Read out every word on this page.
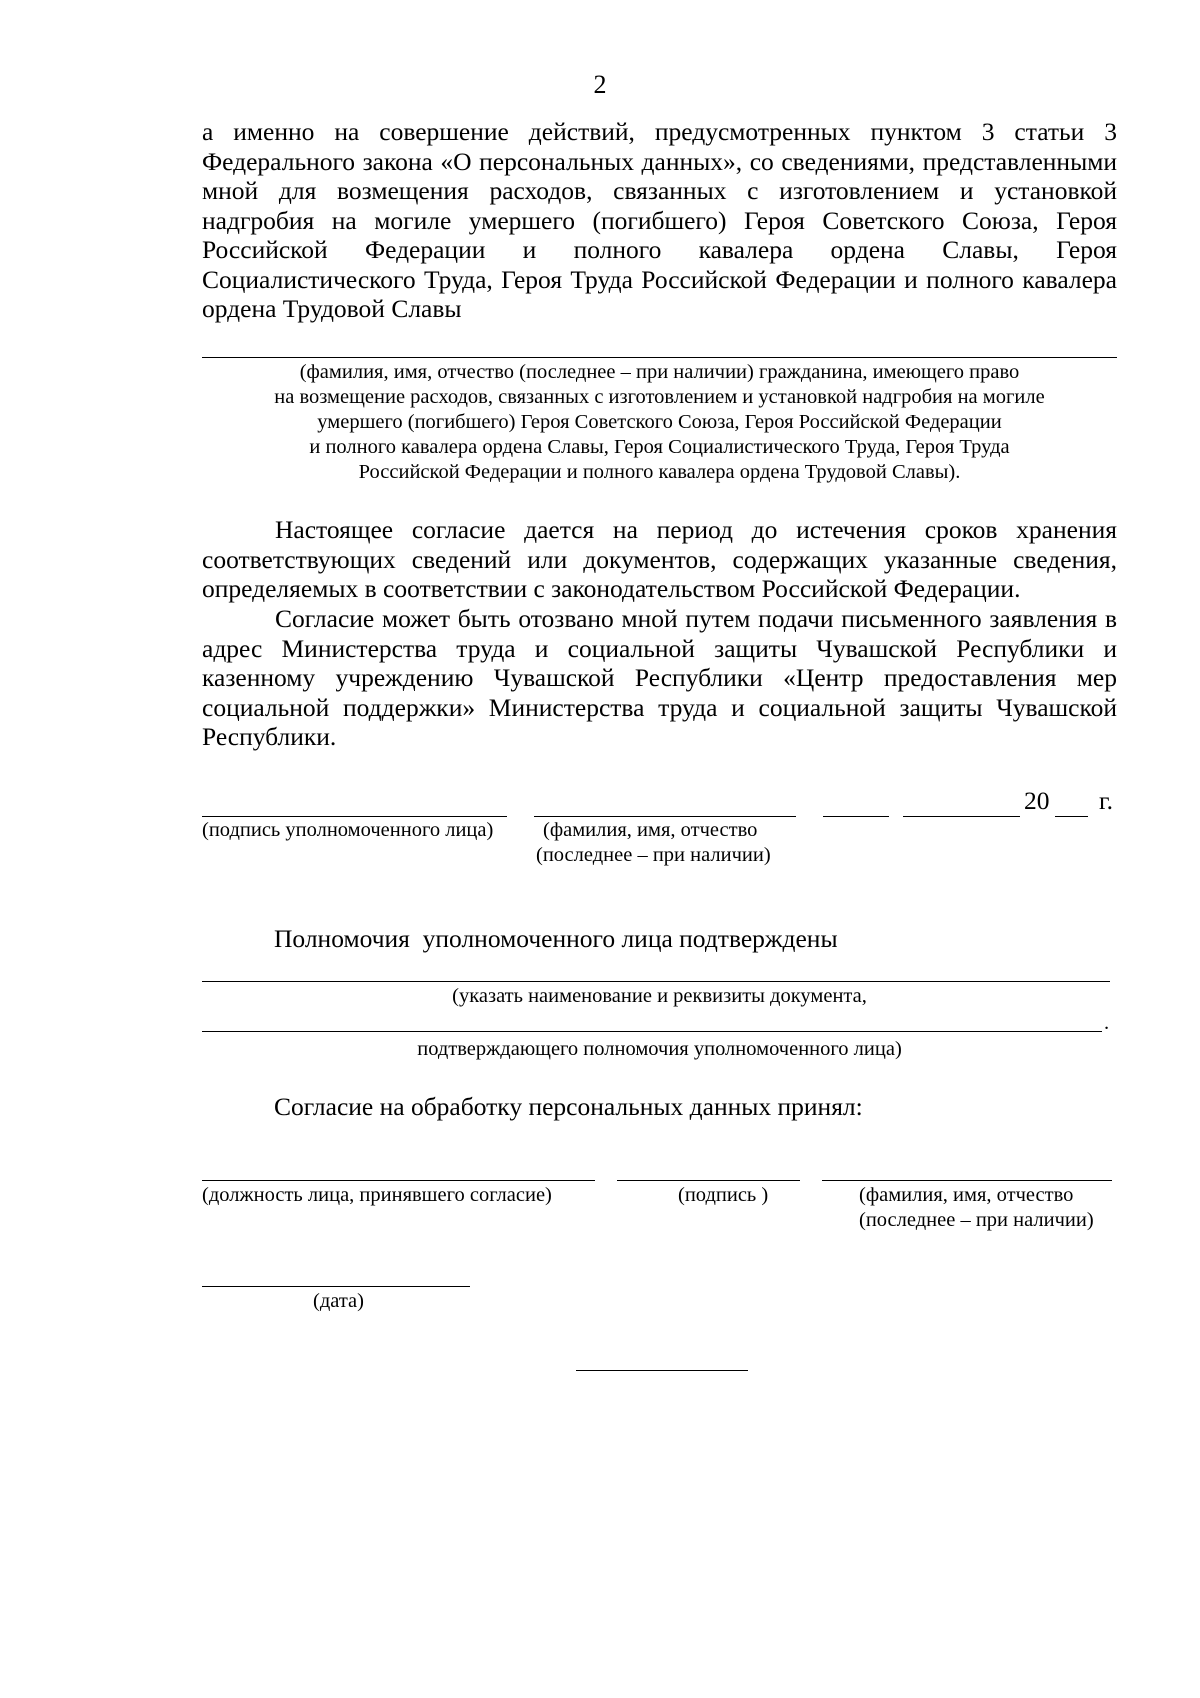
2
а именно на совершение действий, предусмотренных пунктом 3 статьи 3 Федерального закона «О персональных данных», со сведениями, представленными мной для возмещения расходов, связанных с изготовлением и установкой надгробия на могиле умершего (погибшего) Героя Советского Союза, Героя Российской Федерации и полного кавалера ордена Славы, Героя Социалистического Труда, Героя Труда Российской Федерации и полного кавалера ордена Трудовой Славы
(фамилия, имя, отчество (последнее – при наличии) гражданина, имеющего право
на возмещение расходов, связанных с изготовлением и установкой надгробия на могиле
умершего (погибшего) Героя Советского Союза, Героя Российской Федерации
и полного кавалера ордена Славы, Героя Социалистического Труда, Героя Труда
Российской Федерации и полного кавалера ордена Трудовой Славы).
Настоящее согласие дается на период до истечения сроков хранения соответствующих сведений или документов, содержащих указанные сведения, определяемых в соответствии с законодательством Российской Федерации.
Согласие может быть отозвано мной путем подачи письменного заявления в адрес Министерства труда и социальной защиты Чувашской Республики и казенному учреждению Чувашской Республики «Центр предоставления мер социальной поддержки» Министерства труда и социальной защиты Чувашской Республики.
20 г.
(подпись уполномоченного лица) (фамилия, имя, отчество
(последнее – при наличии)
Полномочия  уполномоченного лица подтверждены
(указать наименование и реквизиты документа,
.
подтверждающего полномочия уполномоченного лица)
Согласие на обработку персональных данных принял:
(должность лица, принявшего согласие)	(подпись )	(фамилия, имя, отчество
(последнее – при наличии)
(дата)
